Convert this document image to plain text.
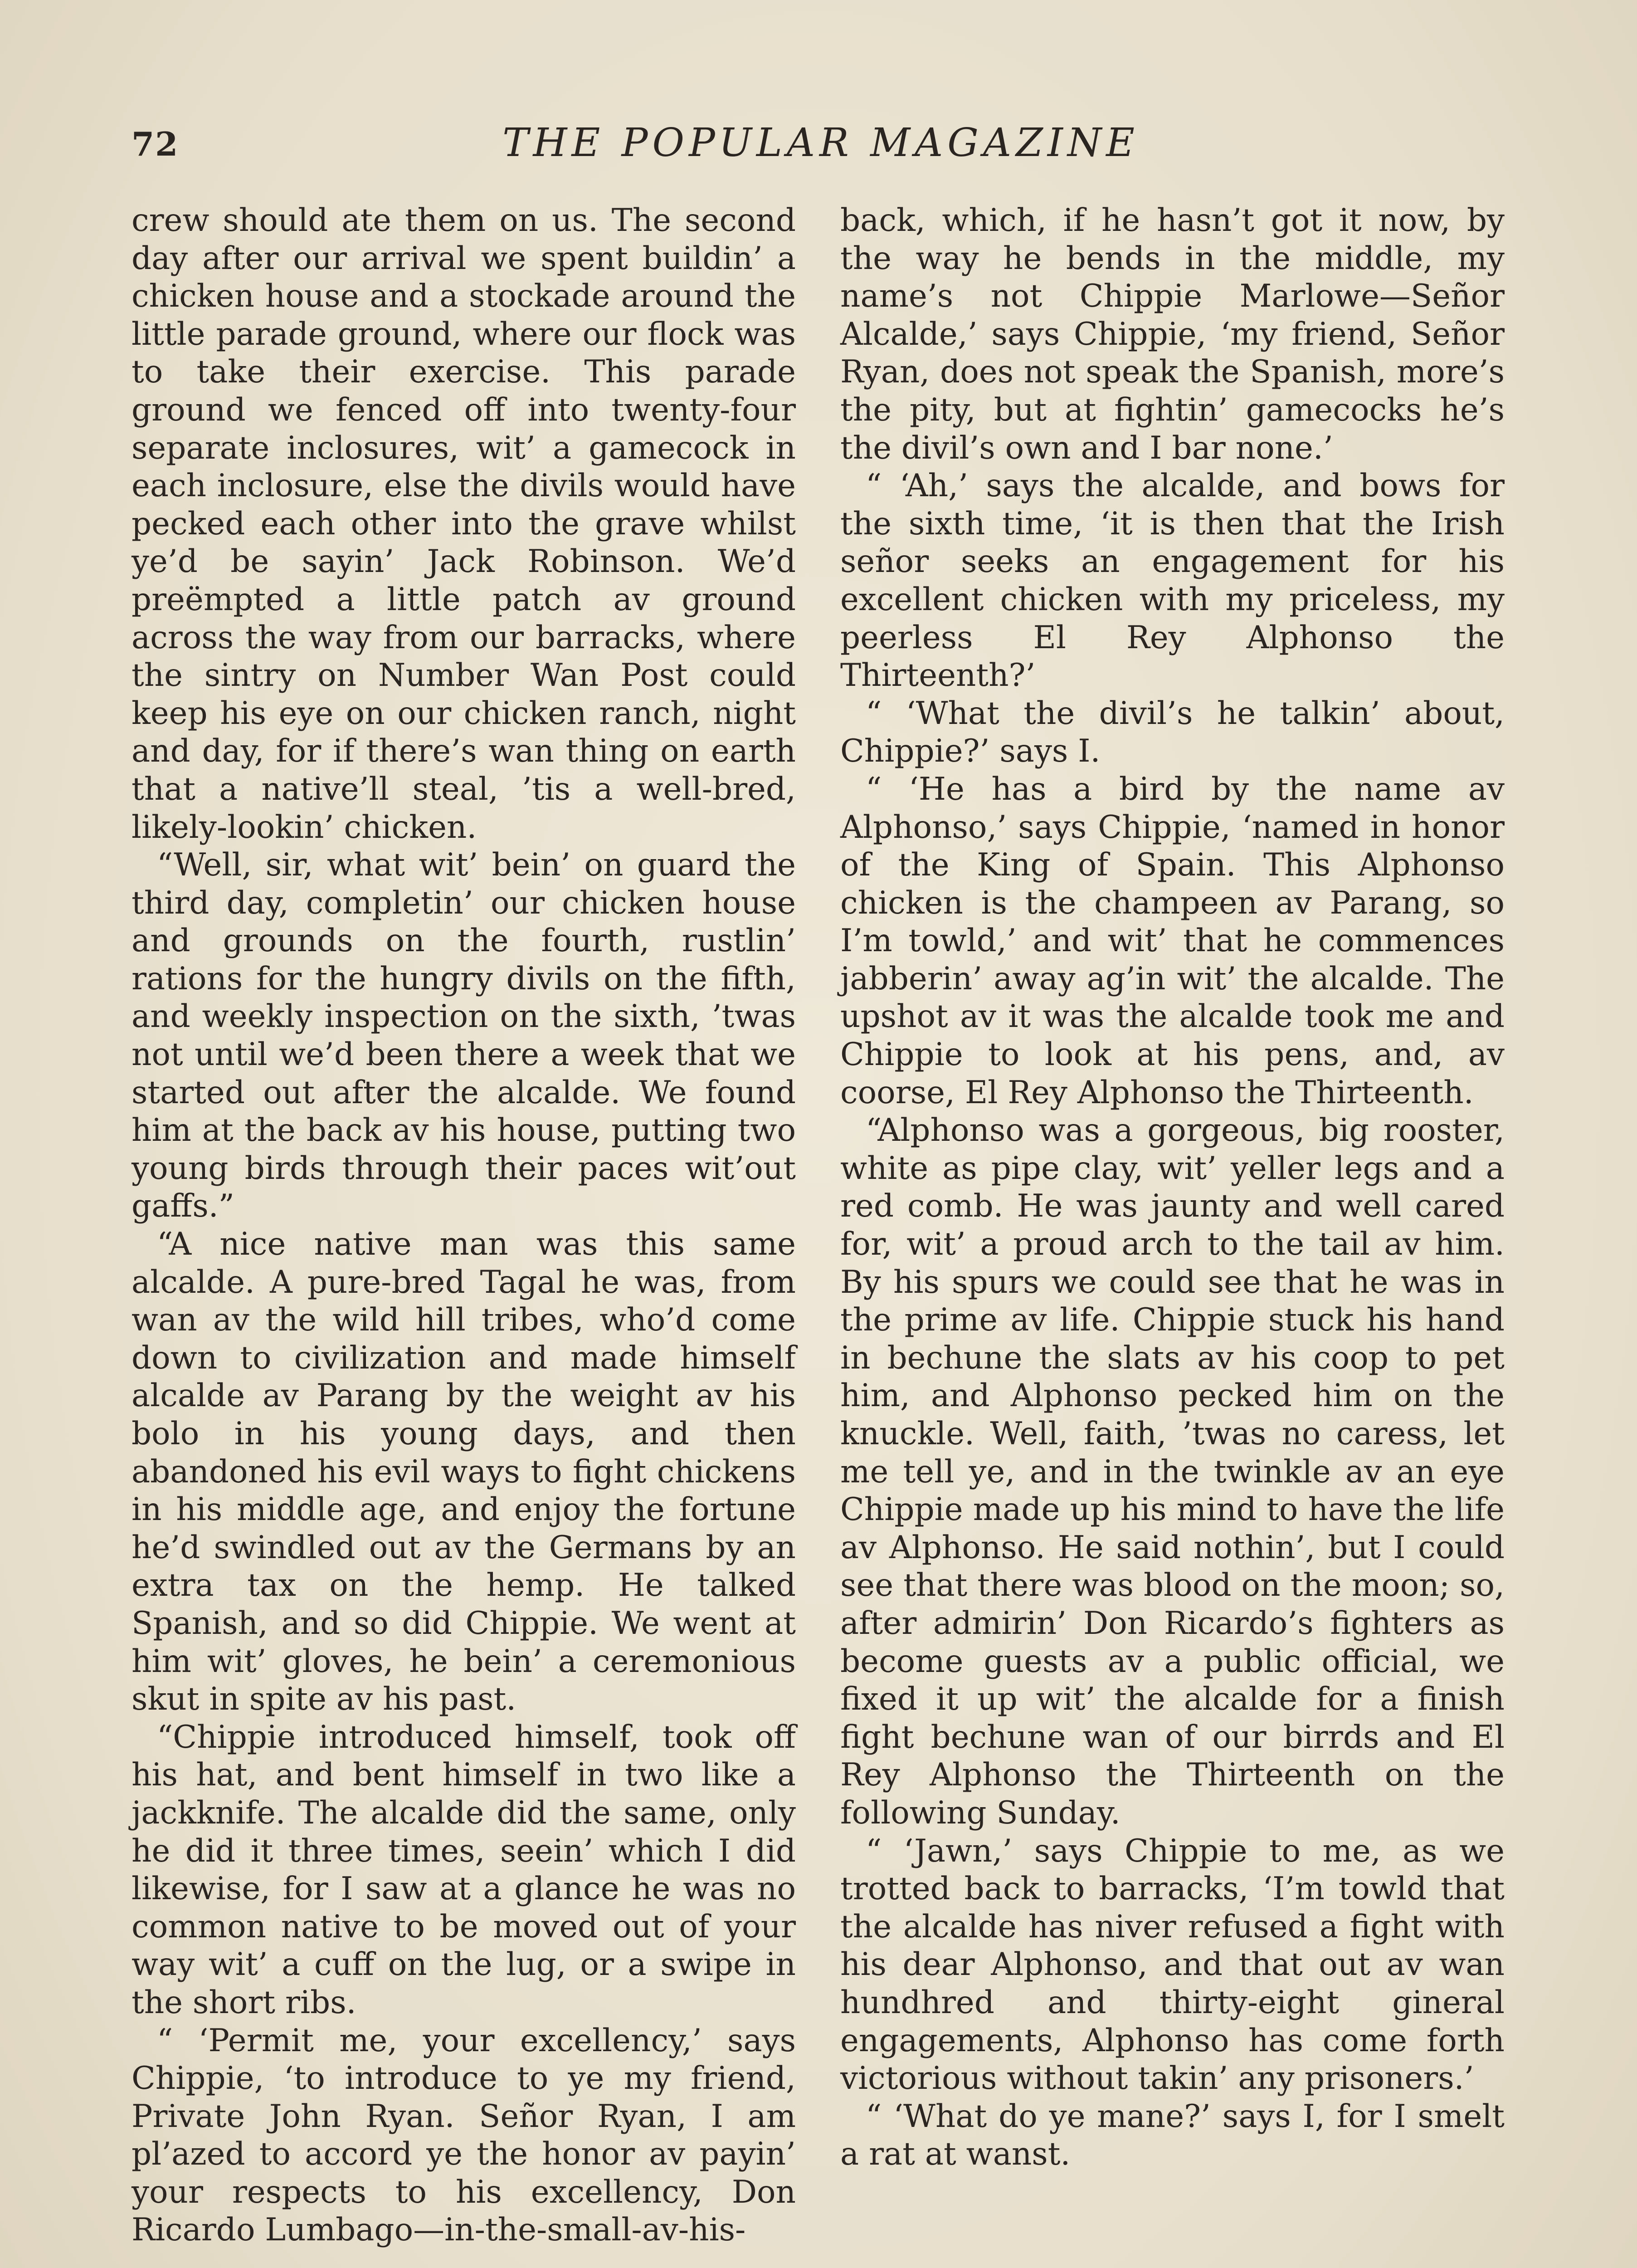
72	THE POPULAR MAGAZINE

crew should ate them on us. The second day after our arrival we spent buildin’ a chicken house and a stockade around the little parade ground, where our flock was to take their exercise. This parade ground we fenced off into twenty-four separate inclosures, wit’ a gamecock in each inclosure, else the divils would have pecked each other into the grave whilst ye’d be sayin’ Jack Robinson. We’d preëmpted a little patch av ground across the way from our barracks, where the sintry on Number Wan Post could keep his eye on our chicken ranch, night and day, for if there’s wan thing on earth that a native’ll steal, ’tis a well-bred, likely-lookin’ chicken.

“Well, sir, what wit’ bein’ on guard the third day, completin’ our chicken house and grounds on the fourth, rustlin’ rations for the hungry divils on the fifth, and weekly inspection on the sixth, ’twas not until we’d been there a week that we started out after the alcalde. We found him at the back av his house, putting two young birds through their paces wit’out gaffs.”

“A nice native man was this same alcalde. A pure-bred Tagal he was, from wan av the wild hill tribes, who’d come down to civilization and made himself alcalde av Parang by the weight av his bolo in his young days, and then abandoned his evil ways to fight chickens in his middle age, and enjoy the fortune he’d swindled out av the Germans by an extra tax on the hemp. He talked Spanish, and so did Chippie. We went at him wit’ gloves, he bein’ a ceremonious skut in spite av his past.

“Chippie introduced himself, took off his hat, and bent himself in two like a jackknife. The alcalde did the same, only he did it three times, seein’ which I did likewise, for I saw at a glance he was no common native to be moved out of your way wit’ a cuff on the lug, or a swipe in the short ribs.

“ ‘Permit me, your excellency,’ says Chippie, ‘to introduce to ye my friend, Private John Ryan. Señor Ryan, I am pl’azed to accord ye the honor av payin’ your respects to his excellency, Don Ricardo Lumbago—in-the-small-av-his-

back, which, if he hasn’t got it now, by the way he bends in the middle, my name’s not Chippie Marlowe—Señor Alcalde,’ says Chippie, ‘my friend, Señor Ryan, does not speak the Spanish, more’s the pity, but at fightin’ gamecocks he’s the divil’s own and I bar none.’

“ ‘Ah,’ says the alcalde, and bows for the sixth time, ‘it is then that the Irish señor seeks an engagement for his excellent chicken with my priceless, my peerless El Rey Alphonso the Thirteenth?’

“ ‘What the divil’s he talkin’ about, Chippie?’ says I.

“ ‘He has a bird by the name av Alphonso,’ says Chippie, ‘named in honor of the King of Spain. This Alphonso chicken is the champeen av Parang, so I’m towld,’ and wit’ that he commences jabberin’ away ag’in wit’ the alcalde. The upshot av it was the alcalde took me and Chippie to look at his pens, and, av coorse, El Rey Alphonso the Thirteenth.

“Alphonso was a gorgeous, big rooster, white as pipe clay, wit’ yeller legs and a red comb. He was jaunty and well cared for, wit’ a proud arch to the tail av him. By his spurs we could see that he was in the prime av life. Chippie stuck his hand in bechune the slats av his coop to pet him, and Alphonso pecked him on the knuckle. Well, faith, ’twas no caress, let me tell ye, and in the twinkle av an eye Chippie made up his mind to have the life av Alphonso. He said nothin’, but I could see that there was blood on the moon; so, after admirin’ Don Ricardo’s fighters as become guests av a public official, we fixed it up wit’ the alcalde for a finish fight bechune wan of our birrds and El Rey Alphonso the Thirteenth on the following Sunday.

“ ‘Jawn,’ says Chippie to me, as we trotted back to barracks, ‘I’m towld that the alcalde has niver refused a fight with his dear Alphonso, and that out av wan hundhred and thirty-eight gineral engagements, Alphonso has come forth victorious without takin’ any prisoners.’

“ ‘What do ye mane?’ says I, for I smelt a rat at wanst.
